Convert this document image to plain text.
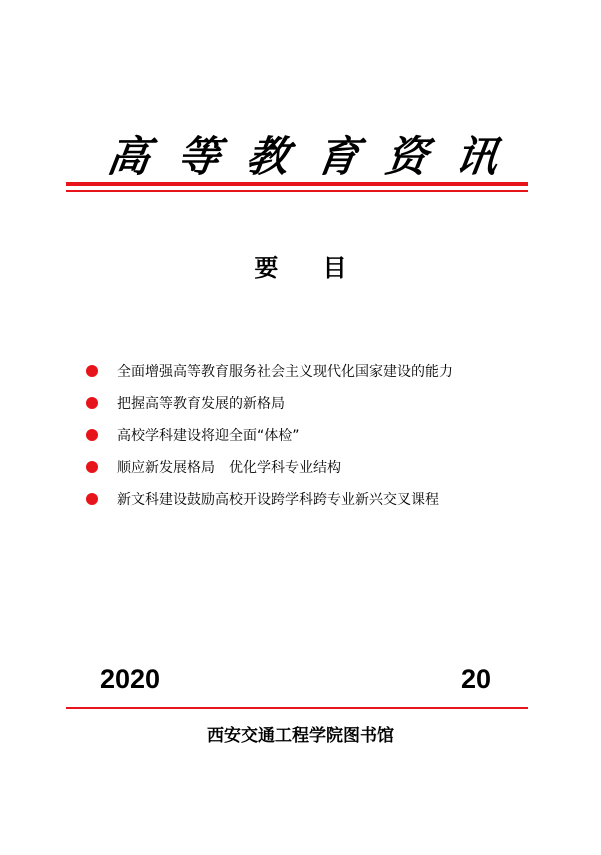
高 等 教 育 资 讯
要 目
全面增强高等教育服务社会主义现代化国家建设的能力
把握高等教育发展的新格局
高校学科建设将迎全面“体检”
顺应新发展格局　优化学科专业结构
新文科建设鼓励高校开设跨学科跨专业新兴交叉课程
2020	20
西安交通工程学院图书馆
